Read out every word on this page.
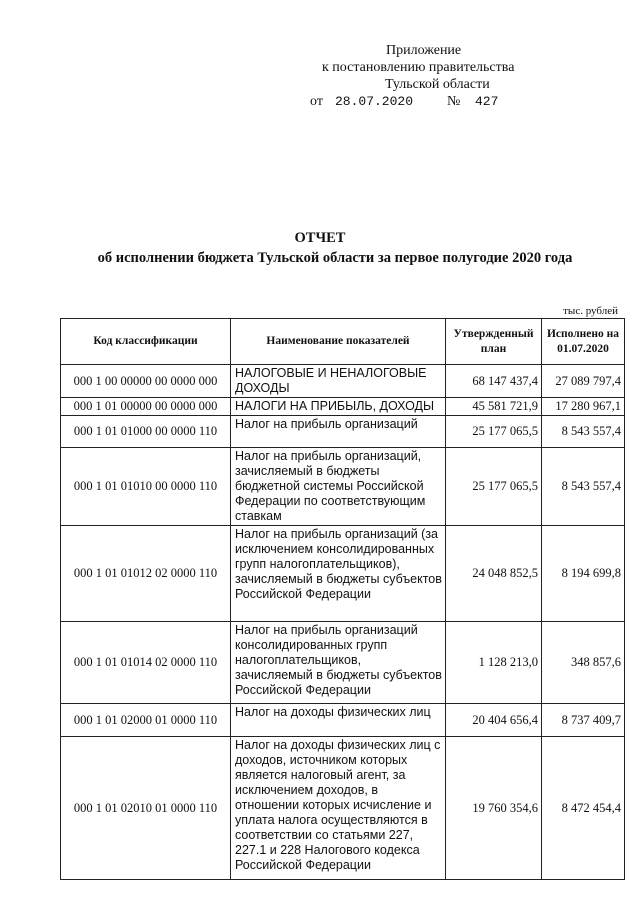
Приложение
к постановлению правительства
Тульской области
от 28.07.2020 № 427
ОТЧЕТ
об исполнении бюджета Тульской области за первое полугодие 2020 года
тыс. рублей
Код классификации	Наименование показателей	Утвержденный план	Исполнено на 01.07.2020
000 1 00 00000 00 0000 000	НАЛОГОВЫЕ И НЕНАЛОГОВЫЕ ДОХОДЫ	68 147 437,4	27 089 797,4
000 1 01 00000 00 0000 000	НАЛОГИ НА ПРИБЫЛЬ, ДОХОДЫ	45 581 721,9	17 280 967,1
000 1 01 01000 00 0000 110	Налог на прибыль организаций	25 177 065,5	8 543 557,4
000 1 01 01010 00 0000 110	Налог на прибыль организаций, зачисляемый в бюджеты бюджетной системы Российской Федерации по соответствующим ставкам	25 177 065,5	8 543 557,4
000 1 01 01012 02 0000 110	Налог на прибыль организаций (за исключением консолидированных групп налогоплательщиков), зачисляемый в бюджеты субъектов Российской Федерации	24 048 852,5	8 194 699,8
000 1 01 01014 02 0000 110	Налог на прибыль организаций консолидированных групп налогоплательщиков, зачисляемый в бюджеты субъектов Российской Федерации	1 128 213,0	348 857,6
000 1 01 02000 01 0000 110	Налог на доходы физических лиц	20 404 656,4	8 737 409,7
000 1 01 02010 01 0000 110	Налог на доходы физических лиц с доходов, источником которых является налоговый агент, за исключением доходов, в отношении которых исчисление и уплата налога осуществляются в соответствии со статьями 227, 227.1 и 228 Налогового кодекса Российской Федерации	19 760 354,6	8 472 454,4
